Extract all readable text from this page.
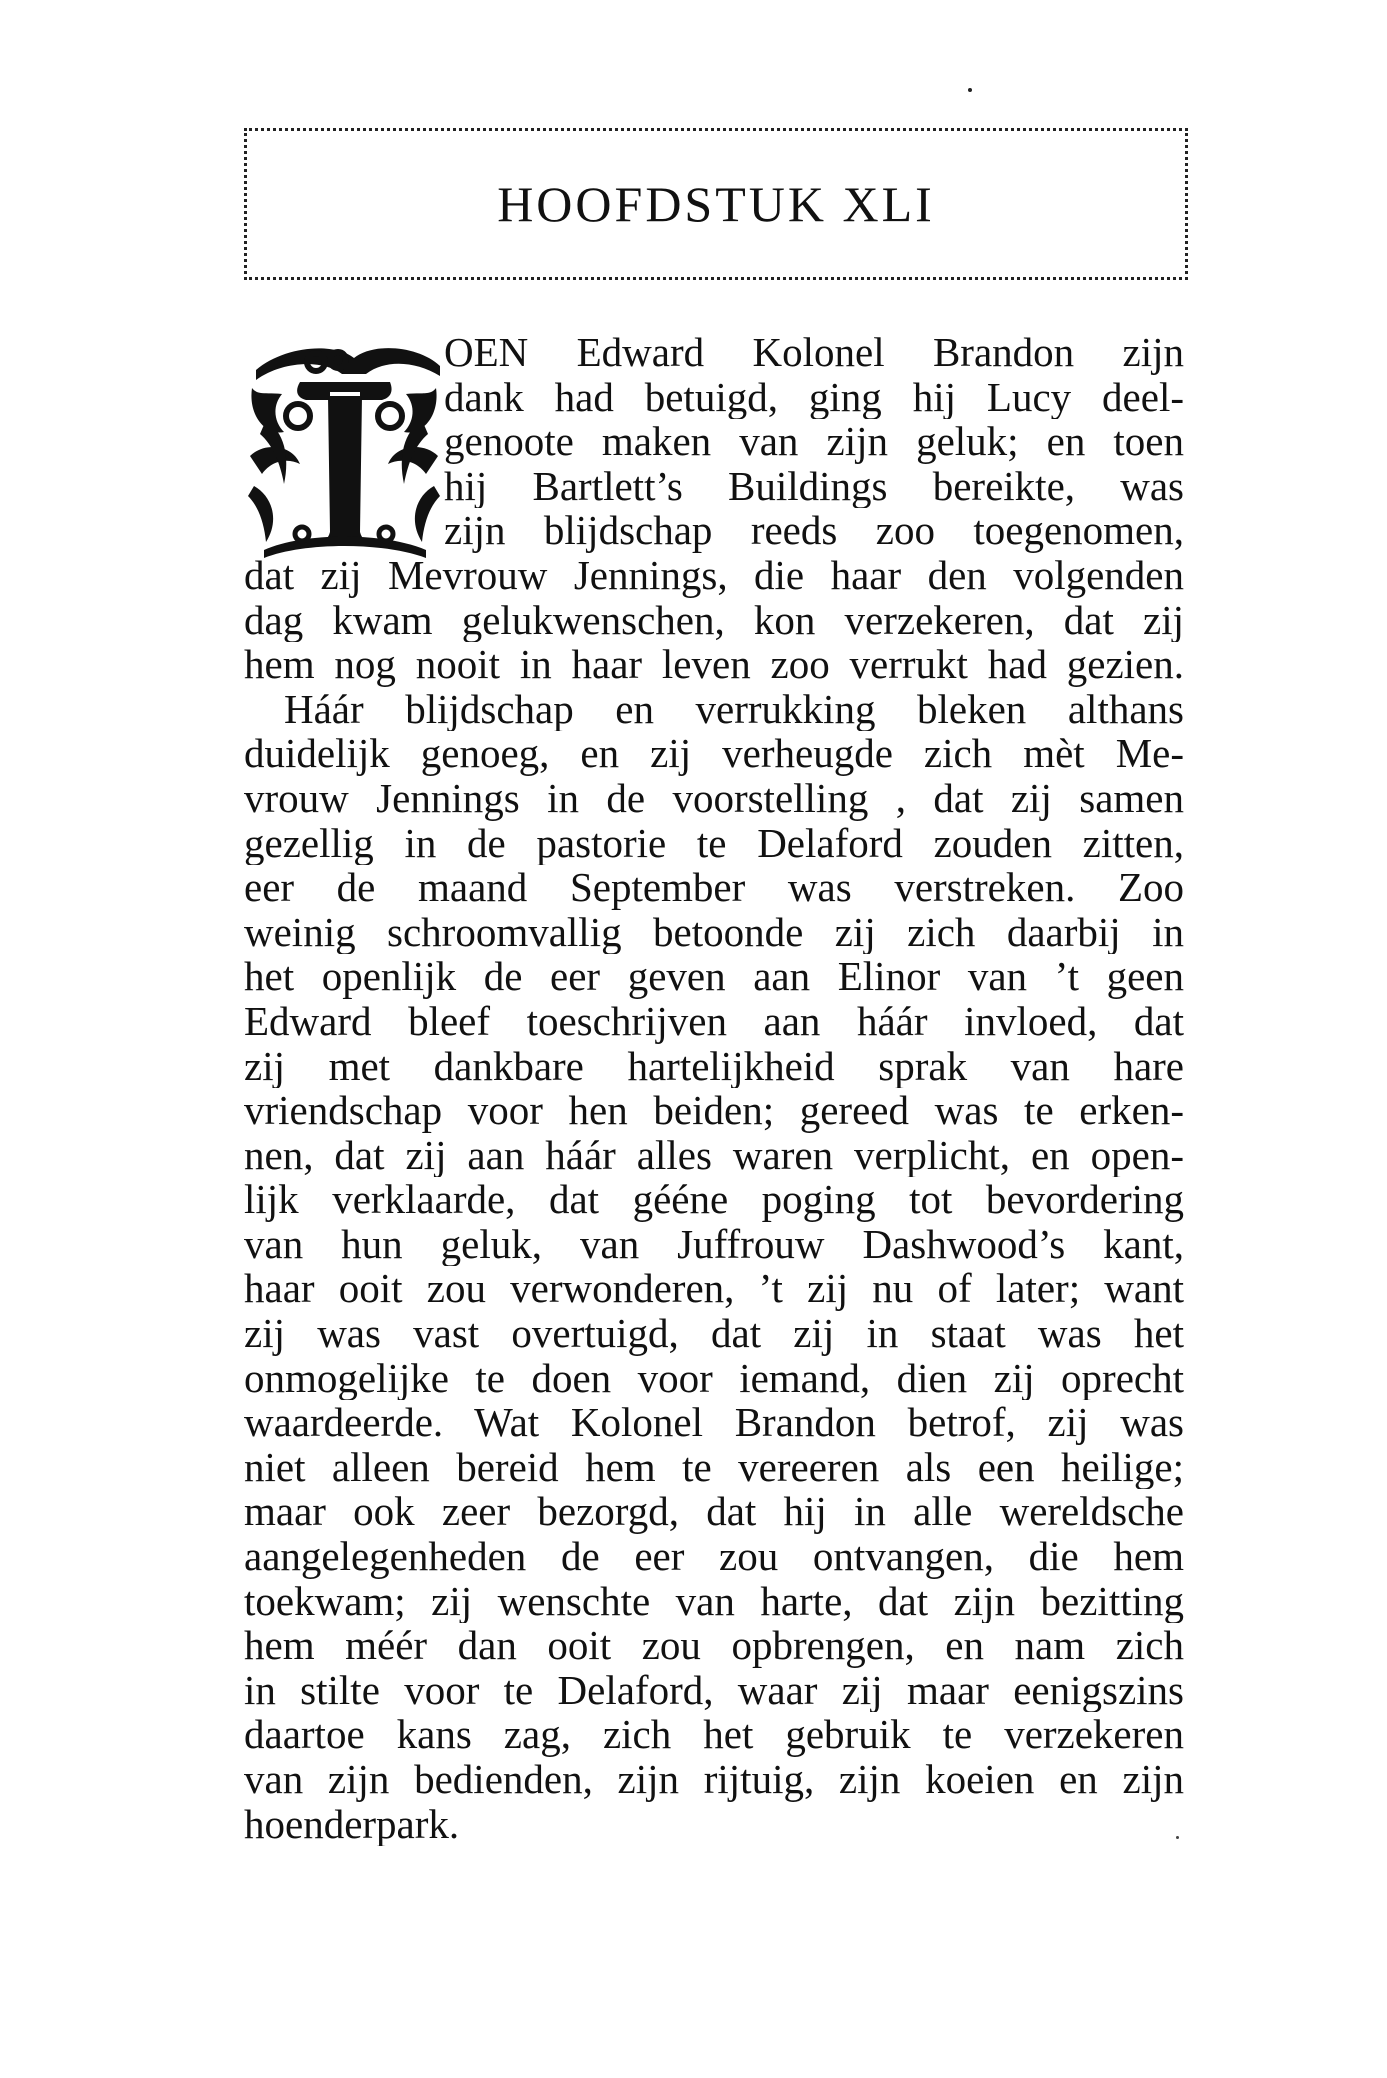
HOOFDSTUK XLI
OEN Edward Kolonel Brandon zijn
dank had betuigd, ging hij Lucy deel-
genoote maken van zijn geluk; en toen
hij Bartlett’s Buildings bereikte, was
zijn blijdschap reeds zoo toegenomen,
dat zij Mevrouw Jennings, die haar den volgenden
dag kwam gelukwenschen, kon verzekeren, dat zij
hem nog nooit in haar leven zoo verrukt had gezien.
Háár blijdschap en verrukking bleken althans
duidelijk genoeg, en zij verheugde zich mèt Me-
vrouw Jennings in de voorstelling , dat zij samen
gezellig in de pastorie te Delaford zouden zitten,
eer de maand September was verstreken. Zoo
weinig schroomvallig betoonde zij zich daarbij in
het openlijk de eer geven aan Elinor van ’t geen
Edward bleef toeschrijven aan háár invloed, dat
zij met dankbare hartelijkheid sprak van hare
vriendschap voor hen beiden; gereed was te erken-
nen, dat zij aan háár alles waren verplicht, en open-
lijk verklaarde, dat gééne poging tot bevordering
van hun geluk, van Juffrouw Dashwood’s kant,
haar ooit zou verwonderen, ’t zij nu of later; want
zij was vast overtuigd, dat zij in staat was het
onmogelijke te doen voor iemand, dien zij oprecht
waardeerde. Wat Kolonel Brandon betrof, zij was
niet alleen bereid hem te vereeren als een heilige;
maar ook zeer bezorgd, dat hij in alle wereldsche
aangelegenheden de eer zou ontvangen, die hem
toekwam; zij wenschte van harte, dat zijn bezitting
hem méér dan ooit zou opbrengen, en nam zich
in stilte voor te Delaford, waar zij maar eenigszins
daartoe kans zag, zich het gebruik te verzekeren
van zijn bedienden, zijn rijtuig, zijn koeien en zijn
hoenderpark.
